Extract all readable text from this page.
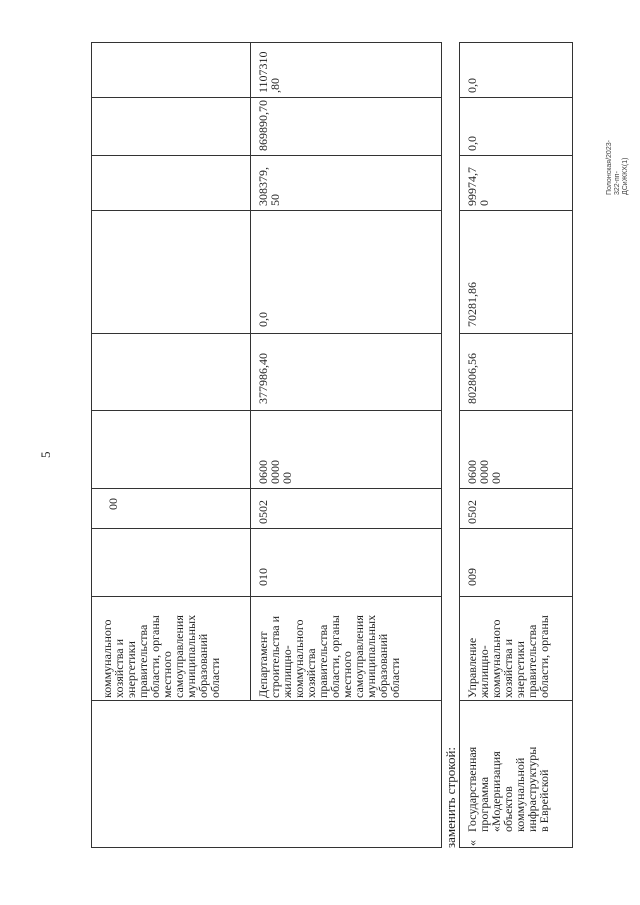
коммунального
хозяйства и
энергетики
правительства
области, органы
местного
самоуправления
муниципальных
образований
области
00
Департамент
строительства и
жилищно-
коммунального
хозяйства
правительства
области, органы
местного
самоуправления
муниципальных
образований
области
010
0502
0600
0000
00
377986,40
0,0
308379,
50
869890,70
1107310
,80
заменить строкой: «
Государственная
программа
«Модернизация
объектов
коммунальной
инфраструктуры
в Еврейской
Управление
жилищно-
коммунального
хозяйства и
энергетики
правительства
области, органы
009
0502
0600
0000
00
802806,56
70281,86
99974,7
0
0,0
0,0
5
Полонская/2023-322-пп-ДСиЖКХ(1)
